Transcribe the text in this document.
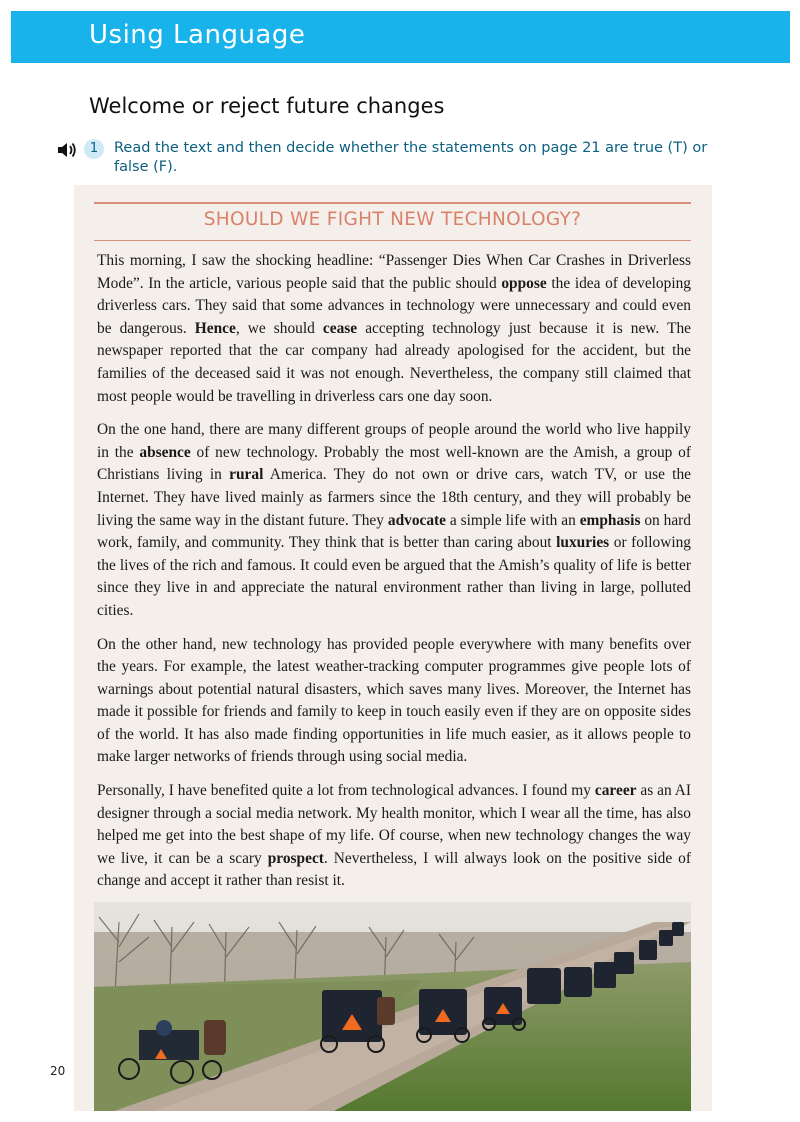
Using Language
Welcome or reject future changes
1	Read the text and then decide whether the statements on page 21 are true (T) or
false (F).
SHOULD WE FIGHT NEW TECHNOLOGY?

This morning, I saw the shocking headline: “Passenger Dies When Car Crashes in Driverless Mode”. In the article, various people said that the public should oppose the idea of developing driverless cars. They said that some advances in technology were unnecessary and could even be dangerous. Hence, we should cease accepting technology just because it is new. The newspaper reported that the car company had already apologised for the accident, but the families of the deceased said it was not enough. Nevertheless, the company still claimed that most people would be travelling in driverless cars one day soon.

On the one hand, there are many different groups of people around the world who live happily in the absence of new technology. Probably the most well-known are the Amish, a group of Christians living in rural America. They do not own or drive cars, watch TV, or use the Internet. They have lived mainly as farmers since the 18th century, and they will probably be living the same way in the distant future. They advocate a simple life with an emphasis on hard work, family, and community. They think that is better than caring about luxuries or following the lives of the rich and famous. It could even be argued that the Amish’s quality of life is better since they live in and appreciate the natural environment rather than living in large, polluted cities.

On the other hand, new technology has provided people everywhere with many benefits over the years. For example, the latest weather-tracking computer programmes give people lots of warnings about potential natural disasters, which saves many lives. Moreover, the Internet has made it possible for friends and family to keep in touch easily even if they are on opposite sides of the world. It has also made finding opportunities in life much easier, as it allows people to make larger networks of friends through using social media.

Personally, I have benefited quite a lot from technological advances. I found my career as an AI designer through a social media network. My health monitor, which I wear all the time, has also helped me get into the best shape of my life. Of course, when new technology changes the way we live, it can be a scary prospect. Nevertheless, I will always look on the positive side of change and accept it rather than resist it.

20
